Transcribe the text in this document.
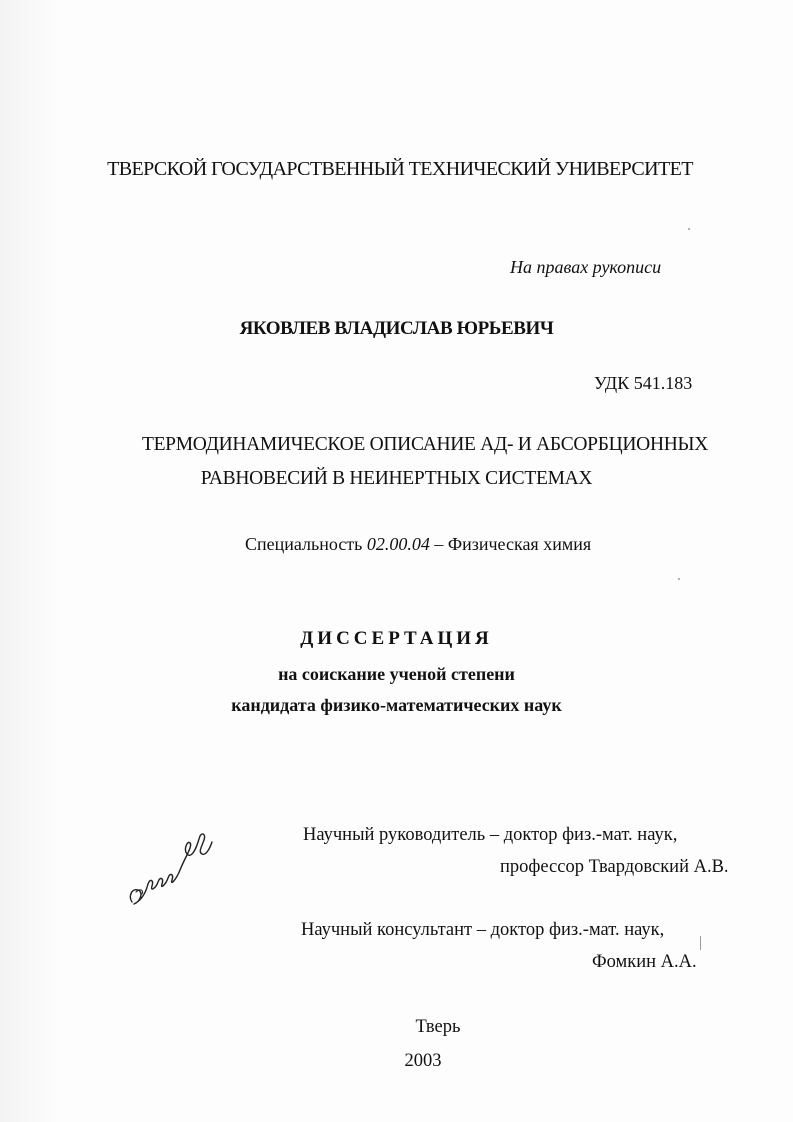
ТВЕРСКОЙ ГОСУДАРСТВЕННЫЙ ТЕХНИЧЕСКИЙ УНИВЕРСИТЕТ
На правах рукописи
ЯКОВЛЕВ ВЛАДИСЛАВ ЮРЬЕВИЧ
УДК 541.183
ТЕРМОДИНАМИЧЕСКОЕ ОПИСАНИЕ АД- И АБСОРБЦИОННЫХ
РАВНОВЕСИЙ В НЕИНЕРТНЫХ СИСТЕМАХ
Специальность 02.00.04 – Физическая химия
ДИССЕРТАЦИЯ
на соискание ученой степени
кандидата физико-математических наук
Научный руководитель – доктор физ.-мат. наук,
профессор Твардовский А.В.
Научный консультант – доктор физ.-мат. наук,
Фомкин А.А.
Тверь
2003
